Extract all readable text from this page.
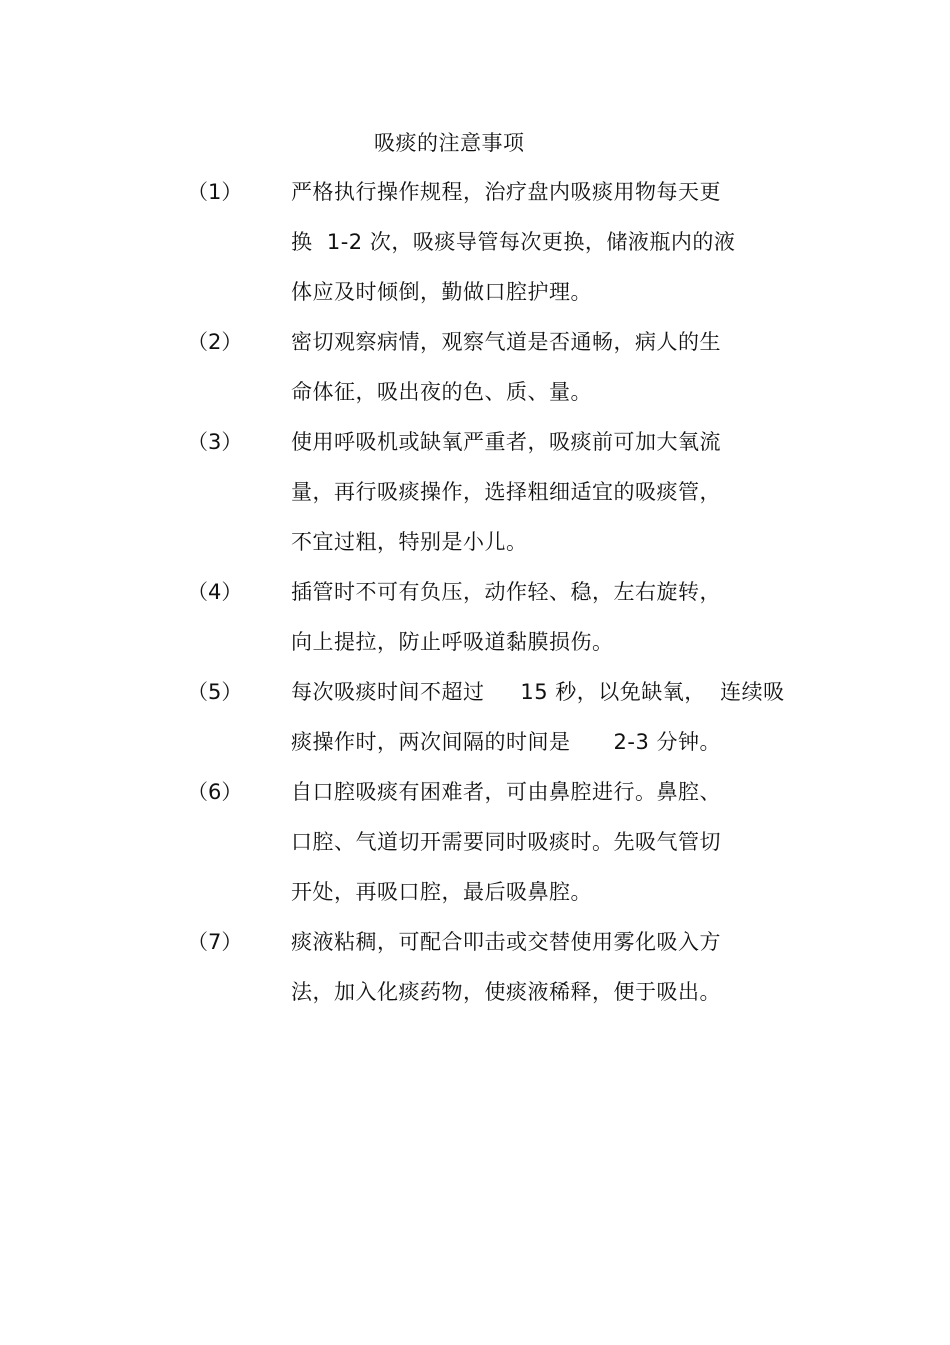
吸痰的注意事项
（1） 严格执行操作规程，治疗盘内吸痰用物每天更
换  1-2 次，吸痰导管每次更换，储液瓶内的液
体应及时倾倒，勤做口腔护理。
（2） 密切观察病情，观察气道是否通畅，病人的生
命体征，吸出夜的色、质、量。
（3） 使用呼吸机或缺氧严重者，吸痰前可加大氧流
量，再行吸痰操作，选择粗细适宜的吸痰管，
不宜过粗，特别是小儿。
（4） 插管时不可有负压，动作轻、稳，左右旋转，
向上提拉，防止呼吸道黏膜损伤。
（5） 每次吸痰时间不超过     15 秒，以免缺氧，  连续吸
痰操作时，两次间隔的时间是      2-3 分钟。
（6） 自口腔吸痰有困难者，可由鼻腔进行。鼻腔、
口腔、气道切开需要同时吸痰时。先吸气管切
开处，再吸口腔，最后吸鼻腔。
（7） 痰液粘稠，可配合叩击或交替使用雾化吸入方
法，加入化痰药物，使痰液稀释，便于吸出。
